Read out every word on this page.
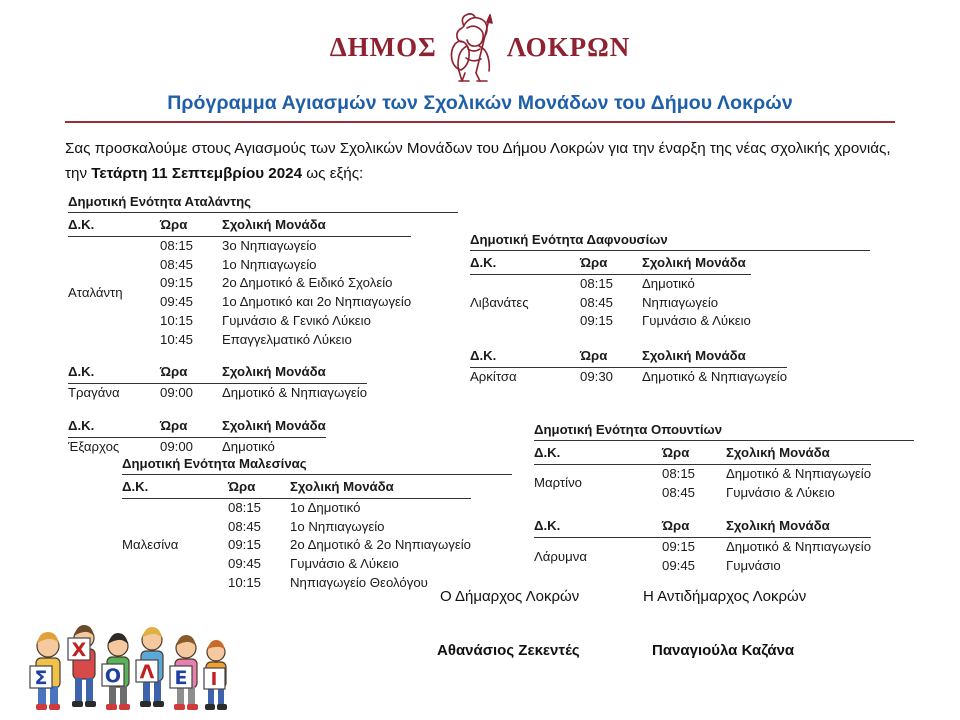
ΔΗΜΟΣ	ΛΟΚΡΩΝ
Πρόγραμμα Αγιασμών των Σχολικών Μονάδων του Δήμου Λοκρών

Σας προσκαλούμε στους Αγιασμούς των Σχολικών Μονάδων του Δήμου Λοκρών για την έναρξη της νέας σχολικής χρονιάς, την Τετάρτη 11 Σεπτεμβρίου 2024 ως εξής:

Δημοτική Ενότητα Αταλάντης
Δ.Κ.	Ώρα	Σχολική Μονάδα
Αταλάντη	08:15	3ο Νηπιαγωγείο
	08:45	1ο Νηπιαγωγείο
	09:15	2ο Δημοτικό & Ειδικό Σχολείο
	09:45	1ο Δημοτικό και 2ο Νηπιαγωγείο
	10:15	Γυμνάσιο & Γενικό Λύκειο
	10:45	Επαγγελματικό Λύκειο
Δ.Κ.	Ώρα	Σχολική Μονάδα
Τραγάνα	09:00	Δημοτικό & Νηπιαγωγείο
Δ.Κ.	Ώρα	Σχολική Μονάδα
Έξαρχος	09:00	Δημοτικό
Δημοτική Ενότητα Δαφνουσίων
Δ.Κ.	Ώρα	Σχολική Μονάδα
Λιβανάτες	08:15	Δημοτικό
	08:45	Νηπιαγωγείο
	09:15	Γυμνάσιο & Λύκειο
Δ.Κ.	Ώρα	Σχολική Μονάδα
Αρκίτσα	09:30	Δημοτικό & Νηπιαγωγείο
Δημοτική Ενότητα Μαλεσίνας
Δ.Κ.	Ώρα	Σχολική Μονάδα
Μαλεσίνα	08:15	1ο Δημοτικό
	08:45	1ο Νηπιαγωγείο
	09:15	2ο Δημοτικό & 2ο Νηπιαγωγείο
	09:45	Γυμνάσιο & Λύκειο
	10:15	Νηπιαγωγείο Θεολόγου
Δημοτική Ενότητα Οπουντίων
Δ.Κ.	Ώρα	Σχολική Μονάδα
Μαρτίνο	08:15	Δημοτικό & Νηπιαγωγείο
	08:45	Γυμνάσιο & Λύκειο
Δ.Κ.	Ώρα	Σχολική Μονάδα
Λάρυμνα	09:15	Δημοτικό & Νηπιαγωγείο
	09:45	Γυμνάσιο
Ο Δήμαρχος Λοκρών	Η Αντιδήμαρχος Λοκρών
Αθανάσιος Ζεκεντές	Παναγιούλα Καζάνα
Σ
Χ
Ο Λ Ε Ι
